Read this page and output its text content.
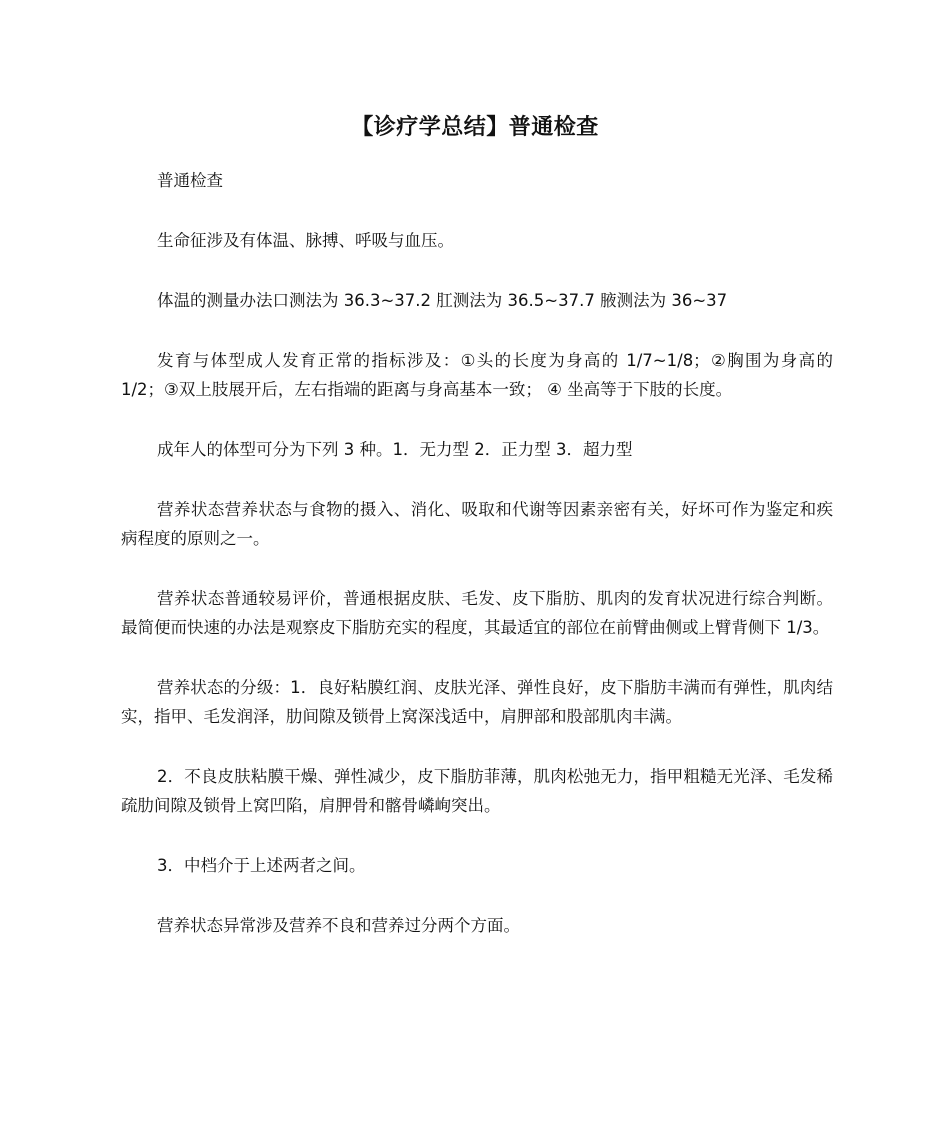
【诊疗学总结】普通检查

普通检查

生命征涉及有体温、脉搏、呼吸与血压。

体温的测量办法口测法为 36.3~37.2 肛测法为 36.5~37.7 腋测法为 36~37

发育与体型成人发育正常的指标涉及：①头的长度为身高的 1/7~1/8；②胸围为身高的 1/2；③双上肢展开后，左右指端的距离与身高基本一致； ④ 坐高等于下肢的长度。

成年人的体型可分为下列 3 种。1．无力型 2．正力型 3．超力型

营养状态营养状态与食物的摄入、消化、吸取和代谢等因素亲密有关，好坏可作为鉴定和疾病程度的原则之一。

营养状态普通较易评价，普通根据皮肤、毛发、皮下脂肪、肌肉的发育状况进行综合判断。最简便而快速的办法是观察皮下脂肪充实的程度，其最适宜的部位在前臂曲侧或上臂背侧下 1/3。

营养状态的分级：1．良好粘膜红润、皮肤光泽、弹性良好，皮下脂肪丰满而有弹性，肌肉结实，指甲、毛发润泽，肋间隙及锁骨上窝深浅适中，肩胛部和股部肌肉丰满。

2．不良皮肤粘膜干燥、弹性减少，皮下脂肪菲薄，肌肉松弛无力，指甲粗糙无光泽、毛发稀疏肋间隙及锁骨上窝凹陷，肩胛骨和髂骨嶙峋突出。

3．中档介于上述两者之间。

营养状态异常涉及营养不良和营养过分两个方面。
